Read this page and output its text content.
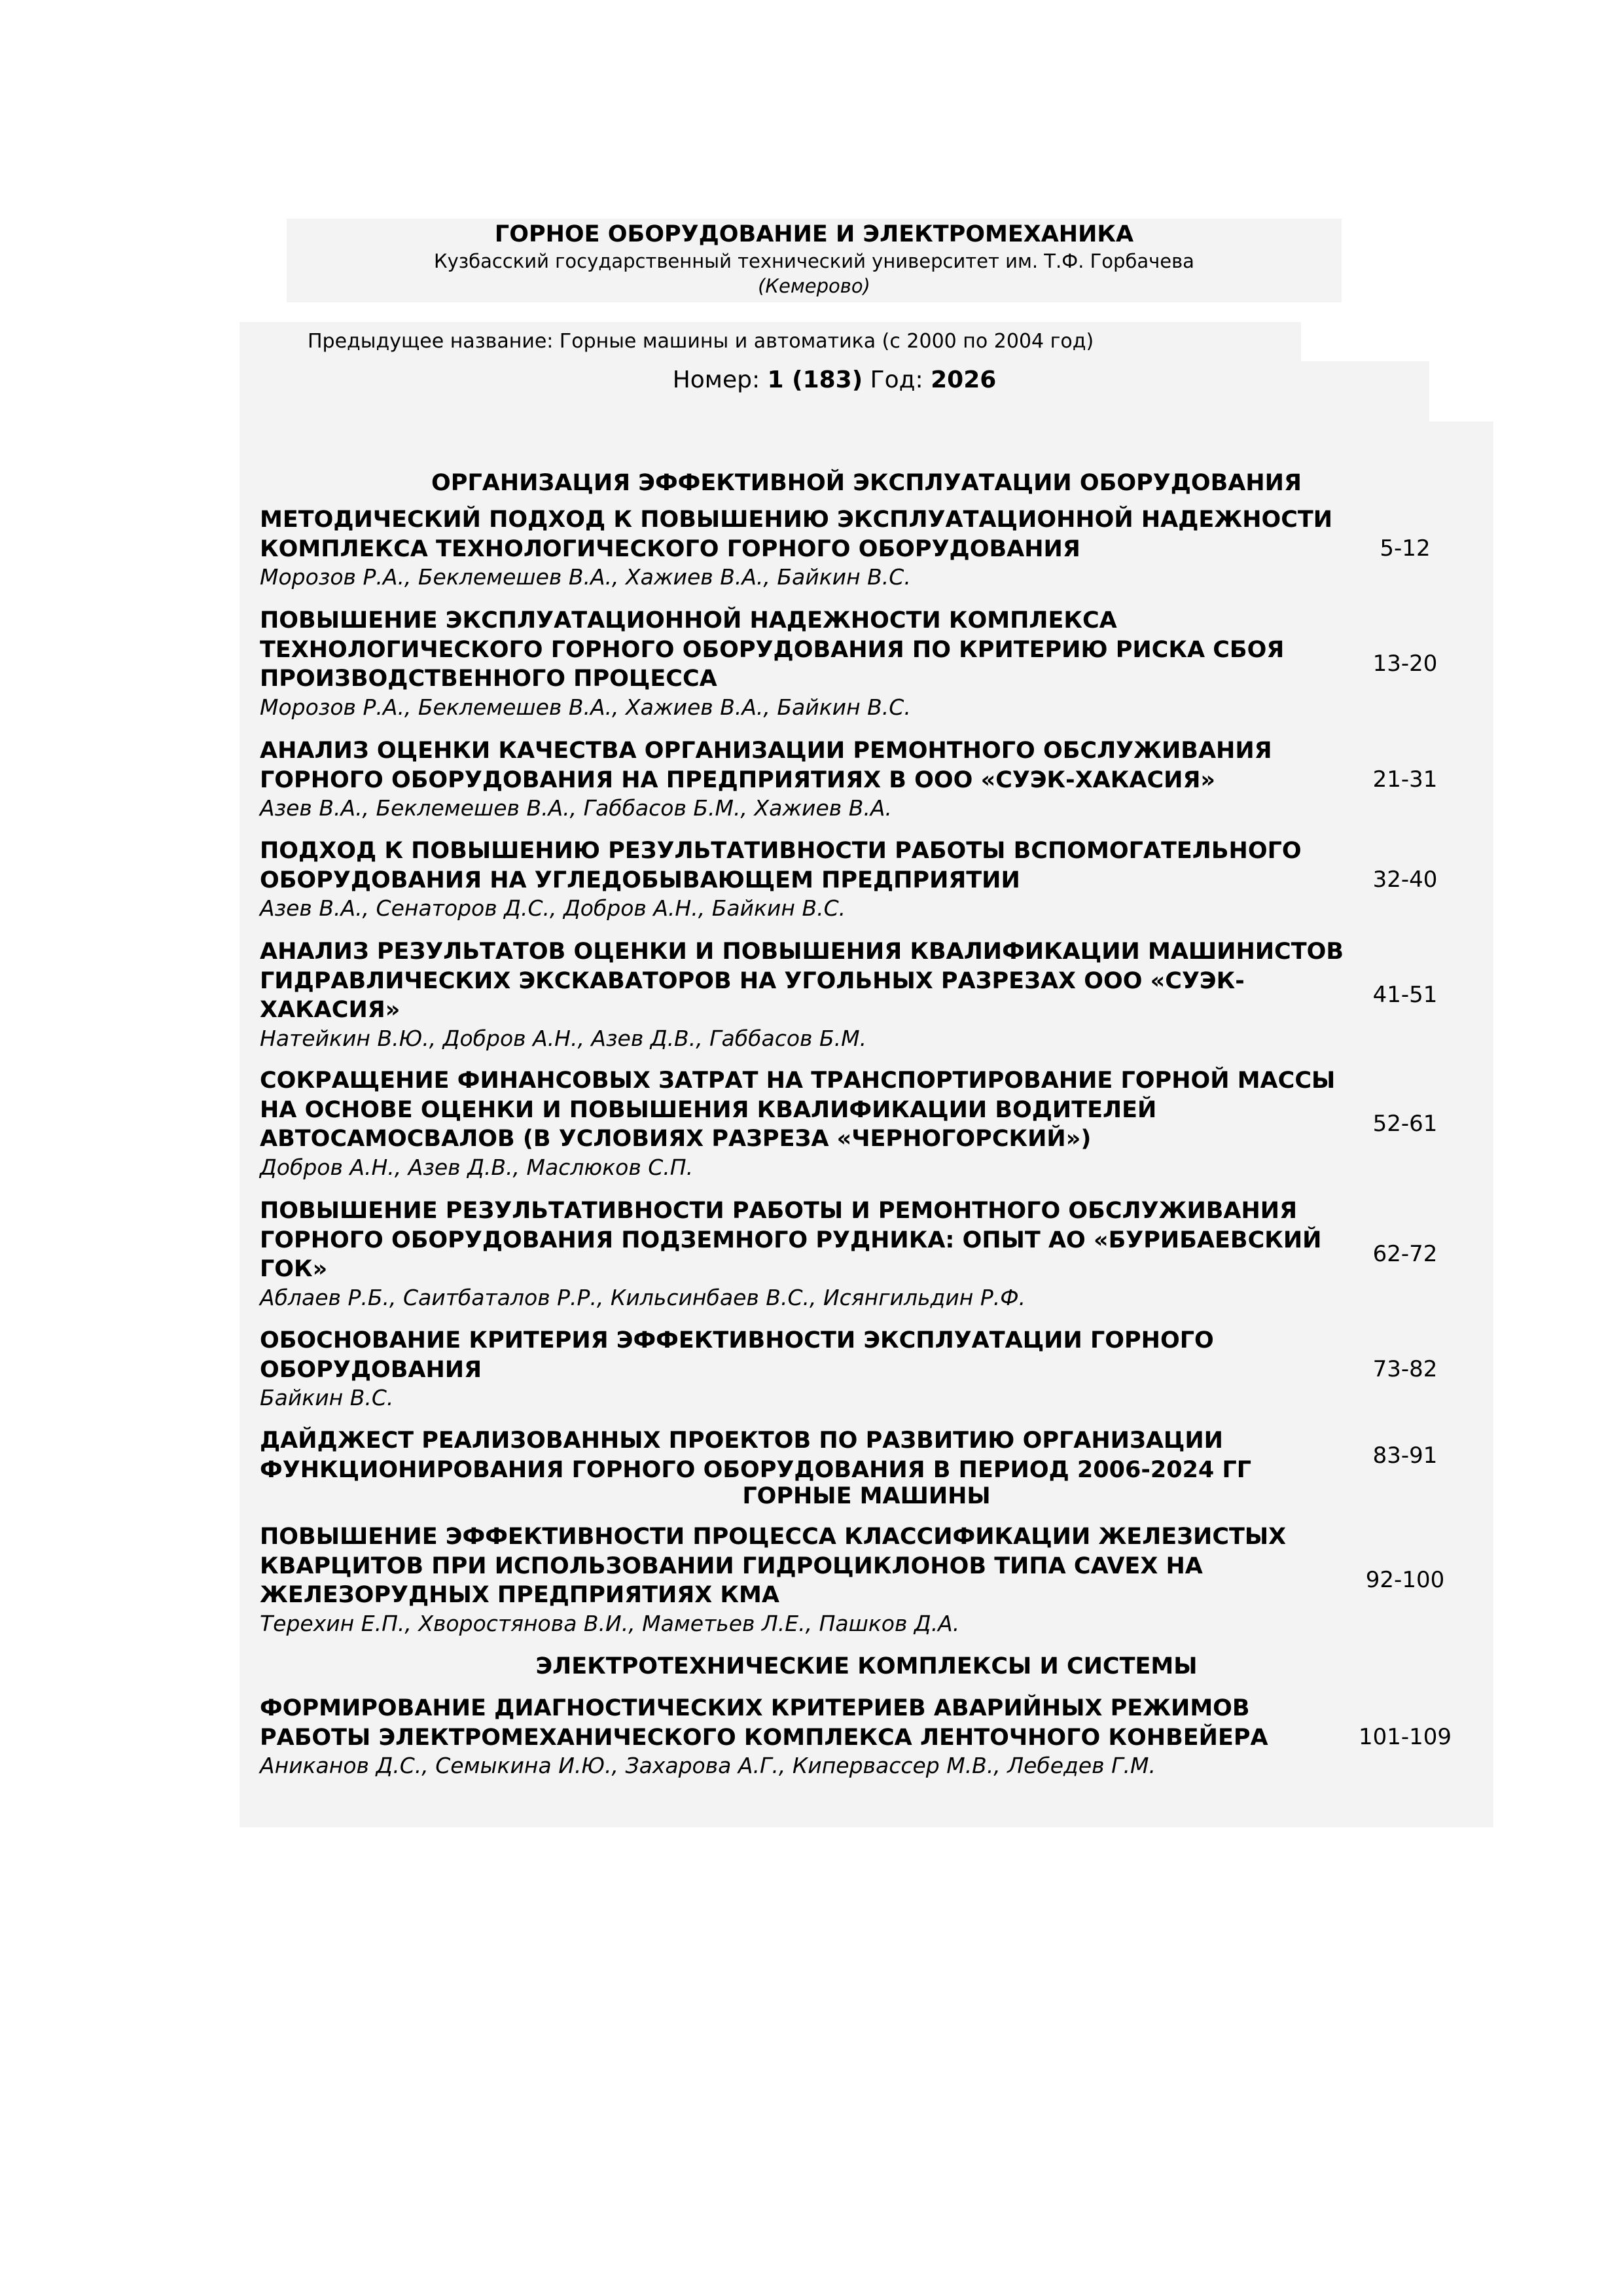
ГОРНОЕ ОБОРУДОВАНИЕ И ЭЛЕКТРОМЕХАНИКА
Кузбасский государственный технический университет им. Т.Ф. Горбачева
(Кемерово)
Предыдущее название: Горные машины и автоматика (с 2000 по 2004 год)
Номер: 1 (183) Год: 2026
ОРГАНИЗАЦИЯ ЭФФЕКТИВНОЙ ЭКСПЛУАТАЦИИ ОБОРУДОВАНИЯ
МЕТОДИЧЕСКИЙ ПОДХОД К ПОВЫШЕНИЮ ЭКСПЛУАТАЦИОННОЙ НАДЕЖНОСТИ КОМПЛЕКСА ТЕХНОЛОГИЧЕСКОГО ГОРНОГО ОБОРУДОВАНИЯ
Морозов Р.А., Беклемешев В.А., Хажиев В.А., Байкин В.С.
5-12
ПОВЫШЕНИЕ ЭКСПЛУАТАЦИОННОЙ НАДЕЖНОСТИ КОМПЛЕКСА ТЕХНОЛОГИЧЕСКОГО ГОРНОГО ОБОРУДОВАНИЯ ПО КРИТЕРИЮ РИСКА СБОЯ ПРОИЗВОДСТВЕННОГО ПРОЦЕССА
Морозов Р.А., Беклемешев В.А., Хажиев В.А., Байкин В.С.
13-20
АНАЛИЗ ОЦЕНКИ КАЧЕСТВА ОРГАНИЗАЦИИ РЕМОНТНОГО ОБСЛУЖИВАНИЯ ГОРНОГО ОБОРУДОВАНИЯ НА ПРЕДПРИЯТИЯХ В ООО «СУЭК-ХАКАСИЯ»
Азев В.А., Беклемешев В.А., Габбасов Б.М., Хажиев В.А.
21-31
ПОДХОД К ПОВЫШЕНИЮ РЕЗУЛЬТАТИВНОСТИ РАБОТЫ ВСПОМОГАТЕЛЬНОГО ОБОРУДОВАНИЯ НА УГЛЕДОБЫВАЮЩЕМ ПРЕДПРИЯТИИ
Азев В.А., Сенаторов Д.С., Добров А.Н., Байкин В.С.
32-40
АНАЛИЗ РЕЗУЛЬТАТОВ ОЦЕНКИ И ПОВЫШЕНИЯ КВАЛИФИКАЦИИ МАШИНИСТОВ ГИДРАВЛИЧЕСКИХ ЭКСКАВАТОРОВ НА УГОЛЬНЫХ РАЗРЕЗАХ ООО «СУЭК-ХАКАСИЯ»
Натейкин В.Ю., Добров А.Н., Азев Д.В., Габбасов Б.М.
41-51
СОКРАЩЕНИЕ ФИНАНСОВЫХ ЗАТРАТ НА ТРАНСПОРТИРОВАНИЕ ГОРНОЙ МАССЫ НА ОСНОВЕ ОЦЕНКИ И ПОВЫШЕНИЯ КВАЛИФИКАЦИИ ВОДИТЕЛЕЙ АВТОСАМОСВАЛОВ (В УСЛОВИЯХ РАЗРЕЗА «ЧЕРНОГОРСКИЙ»)
Добров А.Н., Азев Д.В., Маслюков С.П.
52-61
ПОВЫШЕНИЕ РЕЗУЛЬТАТИВНОСТИ РАБОТЫ И РЕМОНТНОГО ОБСЛУЖИВАНИЯ ГОРНОГО ОБОРУДОВАНИЯ ПОДЗЕМНОГО РУДНИКА: ОПЫТ АО «БУРИБАЕВСКИЙ ГОК»
Аблаев Р.Б., Саитбаталов Р.Р., Кильсинбаев В.С., Исянгильдин Р.Ф.
62-72
ОБОСНОВАНИЕ КРИТЕРИЯ ЭФФЕКТИВНОСТИ ЭКСПЛУАТАЦИИ ГОРНОГО ОБОРУДОВАНИЯ
Байкин В.С.
73-82
ДАЙДЖЕСТ РЕАЛИЗОВАННЫХ ПРОЕКТОВ ПО РАЗВИТИЮ ОРГАНИЗАЦИИ ФУНКЦИОНИРОВАНИЯ ГОРНОГО ОБОРУДОВАНИЯ В ПЕРИОД 2006-2024 ГГ
83-91
ГОРНЫЕ МАШИНЫ
ПОВЫШЕНИЕ ЭФФЕКТИВНОСТИ ПРОЦЕССА КЛАССИФИКАЦИИ ЖЕЛЕЗИСТЫХ КВАРЦИТОВ ПРИ ИСПОЛЬЗОВАНИИ ГИДРОЦИКЛОНОВ ТИПА CAVEX НА ЖЕЛЕЗОРУДНЫХ ПРЕДПРИЯТИЯХ КМА
Терехин Е.П., Хворостянова В.И., Маметьев Л.Е., Пашков Д.А.
92-100
ЭЛЕКТРОТЕХНИЧЕСКИЕ КОМПЛЕКСЫ И СИСТЕМЫ
ФОРМИРОВАНИЕ ДИАГНОСТИЧЕСКИХ КРИТЕРИЕВ АВАРИЙНЫХ РЕЖИМОВ РАБОТЫ ЭЛЕКТРОМЕХАНИЧЕСКОГО КОМПЛЕКСА ЛЕНТОЧНОГО КОНВЕЙЕРА
Аниканов Д.С., Семыкина И.Ю., Захарова А.Г., Кипервассер М.В., Лебедев Г.М.
101-109
